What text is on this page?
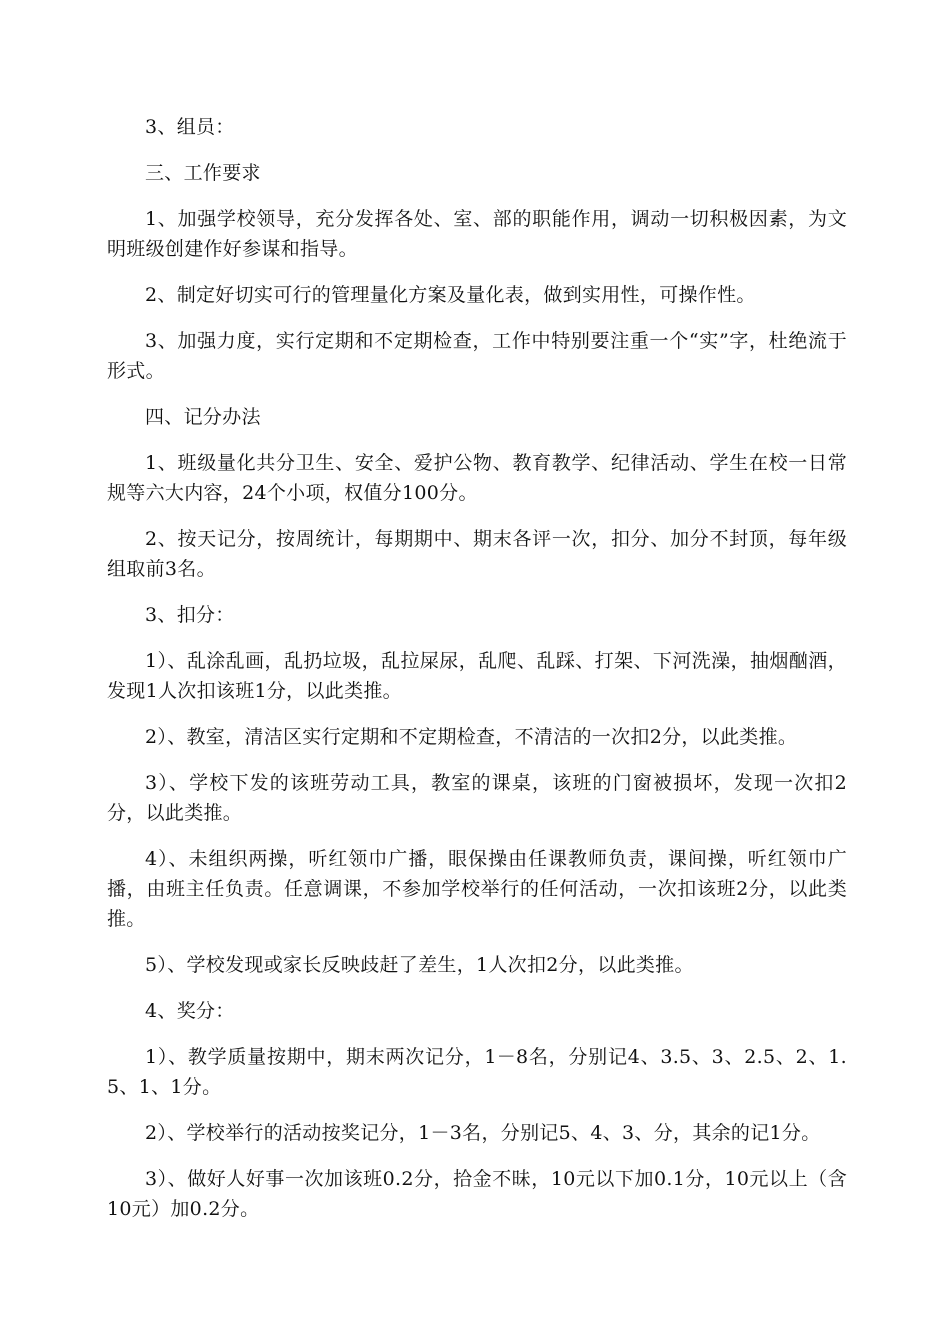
3、组员：

三、工作要求

1、加强学校领导，充分发挥各处、室、部的职能作用，调动一切积极因素，为文明班级创建作好参谋和指导。

2、制定好切实可行的管理量化方案及量化表，做到实用性，可操作性。

3、加强力度，实行定期和不定期检查，工作中特别要注重一个“实”字，杜绝流于形式。

四、记分办法

1、班级量化共分卫生、安全、爱护公物、教育教学、纪律活动、学生在校一日常规等六大内容，24个小项，权值分100分。

2、按天记分，按周统计，每期期中、期末各评一次，扣分、加分不封顶，每年级组取前3名。

3、扣分：

1）、乱涂乱画，乱扔垃圾，乱拉屎尿，乱爬、乱踩、打架、下河洗澡，抽烟酗酒，发现1人次扣该班1分，以此类推。

2）、教室，清洁区实行定期和不定期检查，不清洁的一次扣2分，以此类推。

3）、学校下发的该班劳动工具，教室的课桌，该班的门窗被损坏，发现一次扣2分，以此类推。

4）、未组织两操，听红领巾广播，眼保操由任课教师负责，课间操，听红领巾广播，由班主任负责。任意调课，不参加学校举行的任何活动，一次扣该班2分，以此类推。

5）、学校发现或家长反映歧赶了差生，1人次扣2分，以此类推。

4、奖分：

1）、教学质量按期中，期末两次记分，1－8名，分别记4、3.5、3、2.5、2、1.5、1、1分。

2）、学校举行的活动按奖记分，1－3名，分别记5、4、3、分，其余的记1分。

3）、做好人好事一次加该班0.2分，拾金不昧，10元以下加0.1分，10元以上（含10元）加0.2分。
